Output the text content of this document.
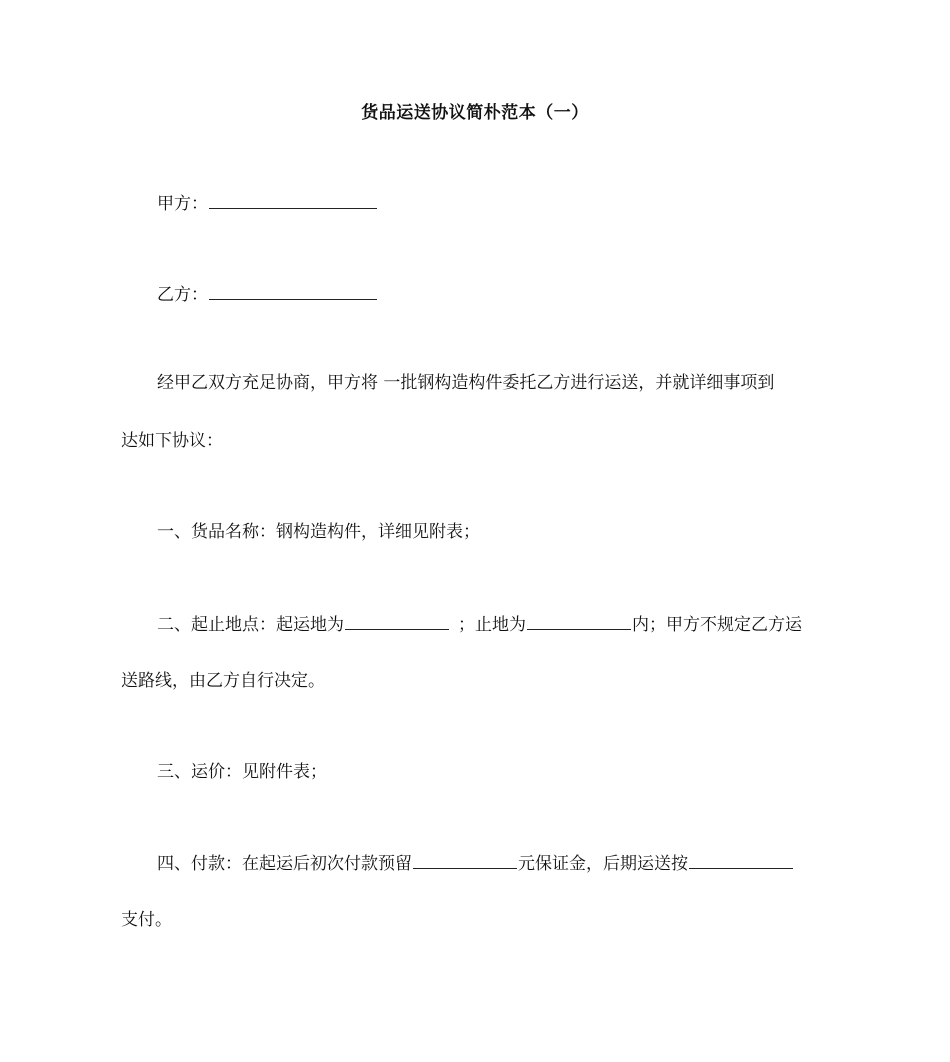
货品运送协议简朴范本（一）
甲方：
乙方：
经甲乙双方充足协商，甲方将 一批钢构造构件委托乙方进行运送，并就详细事项到
达如下协议：
一、货品名称：钢构造构件，详细见附表；
二、起止地点：起运地为	；止地为	内；甲方不规定乙方运
送路线，由乙方自行决定。
三、运价：见附件表；
四、付款：在起运后初次付款预留	元保证金，后期运送按
支付。
